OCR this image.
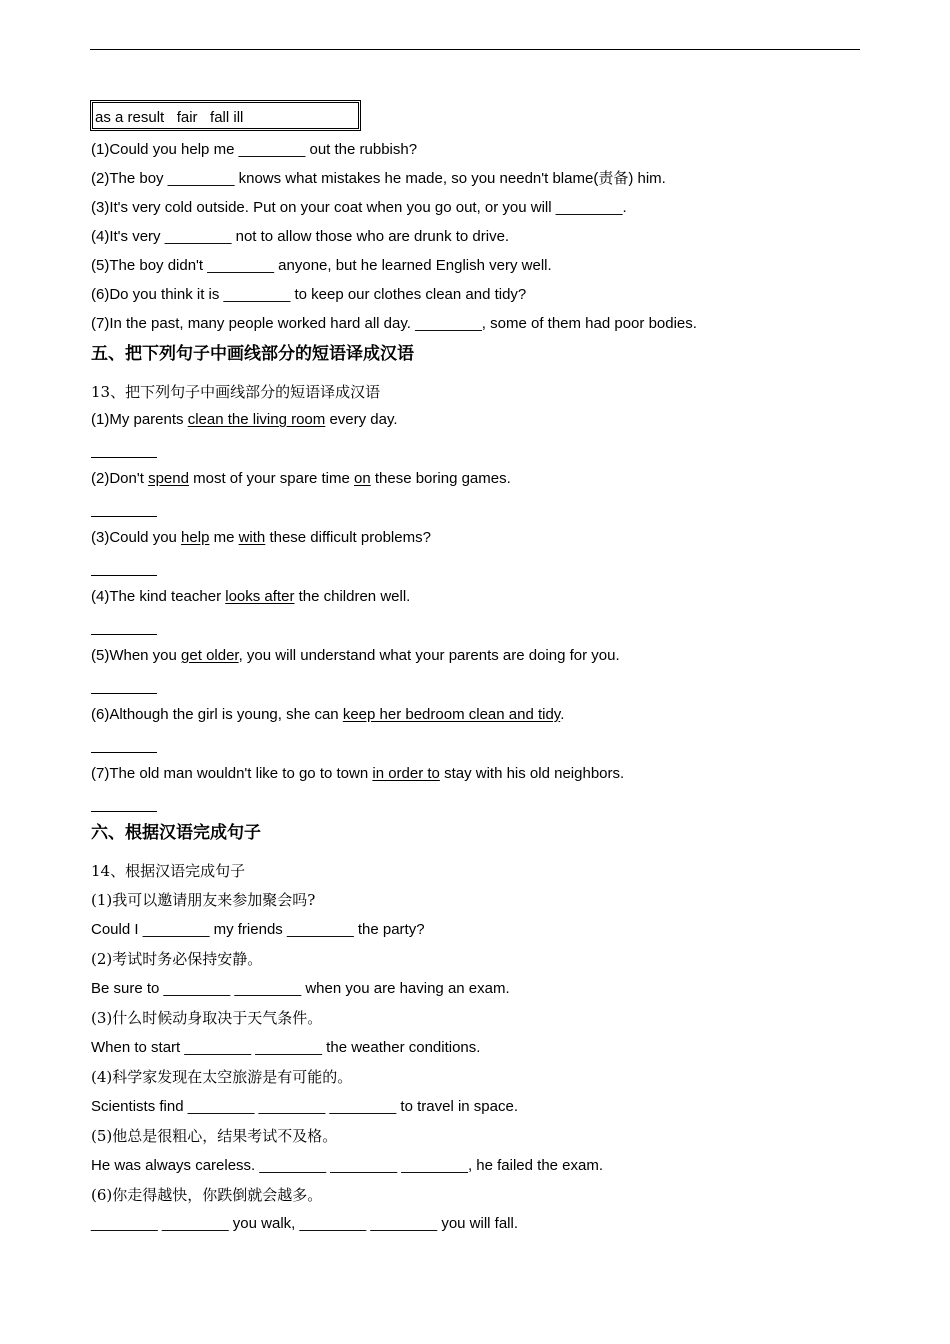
as a result   fair   fall ill
(1)Could you help me ________ out the rubbish?
(2)The boy ________ knows what mistakes he made, so you needn't blame(责备) him.
(3)It's very cold outside. Put on your coat when you go out, or you will ________.
(4)It's very ________ not to allow those who are drunk to drive.
(5)The boy didn't ________ anyone, but he learned English very well.
(6)Do you think it is ________ to keep our clothes clean and tidy?
(7)In the past, many people worked hard all day. ________, some of them had poor bodies.
五、把下列句子中画线部分的短语译成汉语
13、把下列句子中画线部分的短语译成汉语
(1)My parents clean the living room every day.
(2)Don't spend most of your spare time on these boring games.
(3)Could you help me with these difficult problems?
(4)The kind teacher looks after the children well.
(5)When you get older, you will understand what your parents are doing for you.
(6)Although the girl is young, she can keep her bedroom clean and tidy.
(7)The old man wouldn't like to go to town in order to stay with his old neighbors.
六、根据汉语完成句子
14、根据汉语完成句子
(1)我可以邀请朋友来参加聚会吗?
Could I ________ my friends ________ the party?
(2)考试时务必保持安静。
Be sure to ________ ________ when you are having an exam.
(3)什么时候动身取决于天气条件。
When to start ________ ________ the weather conditions.
(4)科学家发现在太空旅游是有可能的。
Scientists find ________ ________ ________ to travel in space.
(5)他总是很粗心，结果考试不及格。
He was always careless. ________ ________ ________, he failed the exam.
(6)你走得越快，你跌倒就会越多。
________ ________ you walk, ________ ________ you will fall.
